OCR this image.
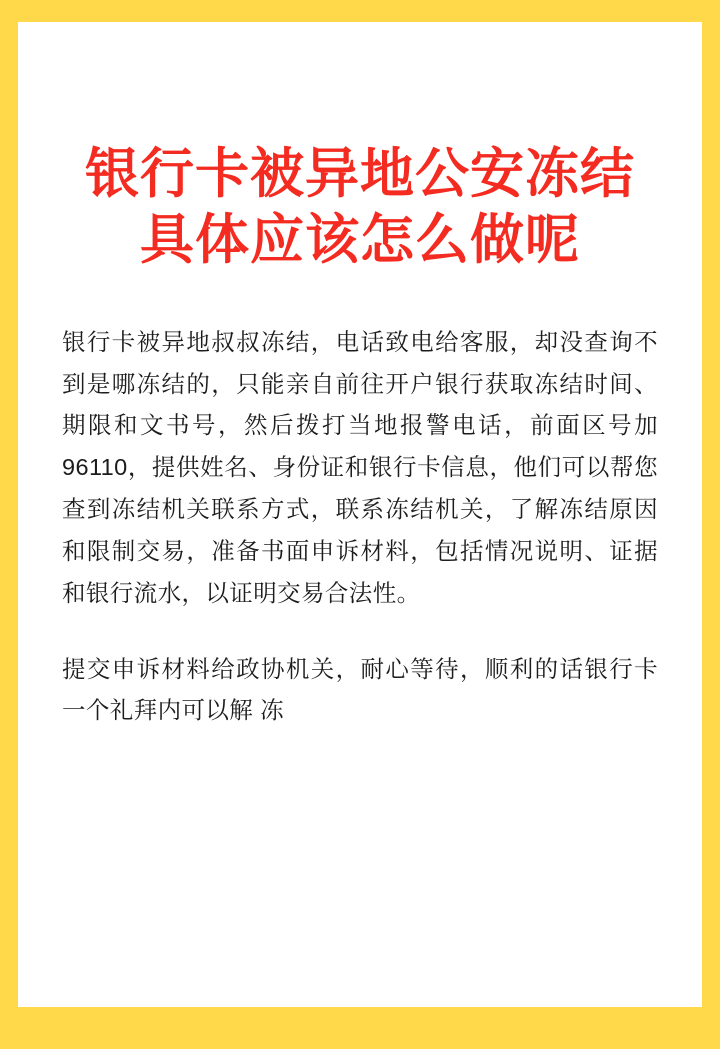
银行卡被异地公安冻结
具体应该怎么做呢

银行卡被异地叔叔冻结，电话致电给客服，却没查询不到是哪冻结的，只能亲自前往开户银行获取冻结时间、期限和文书号，然后拨打当地报警电话，前面区号加96110，提供姓名、身份证和银行卡信息，他们可以帮您查到冻结机关联系方式，联系冻结机关，了解冻结原因和限制交易，准备书面申诉材料，包括情况说明、证据和银行流水，以证明交易合法性。

提交申诉材料给政协机关，耐心等待，顺利的话银行卡一个礼拜内可以解 冻
